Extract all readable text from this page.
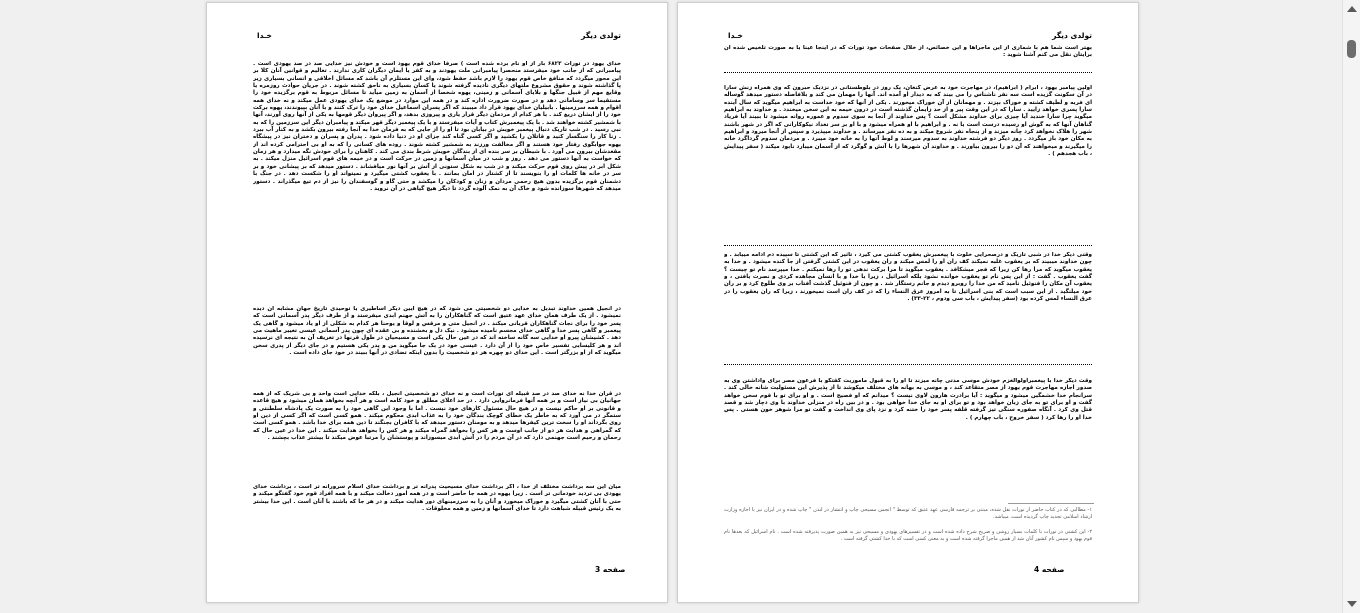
تولدی دیگر
خـدا

خدای یهود در تورات ۶۸۲۳ بار از او نام برده شده است ) صرفا خدای قوم یهود است و خودش نیز خدایی صد در صد یهودی است . پیامبرانی که از جانب خود میفرستد منحصرا پیامبرانی ملت یهودند و به کفر یا ایمان دیگران کاری ندارند . تعالیم و قوانین آنان کلا بر این محور میگردد که منافع خاص قوم یهود را لازم باشد حفظ شود، وای این مستلزم آن باشد که مسائل اخلاقی و انسانی بسیاری زیر پا گذاشته شوند و حقوق مشروع ملتهای دیگری نادیده گرفته شوند یا کسان بسیاری به ناحق کشته شوند . در جریان حوادث روزمره یا وقایع مهم از قبیل جنگها و بلایای آسمانی و زمینی، یهوه شخصا از آسمان به زمین میآید تا مسائل مربوط به قوم برگزیده خود را مستقیما سر وسامانی دهد و در صورت ضرورت اداره کند و در همه این موارد در موضع یک خدای یهودی عمل میکند و نه خدای همه اقوام و همه سرزمینها . بابیلیان خدای یهود قرار داد میبیند که اگر پسران اسماعیل خدای خود را ترک کنند و با آنان بپیوندند، یهوه برکت خود را از ایشان دریغ کند . با هر کدام از مردمان دیگر قرار یاری و پیروزی بدهد، و اگر پیروان دیگر قومها به یکی از آنها روی آورند، آنها با شمشیر کشته خواهند شد . با یک پیغمبرش کتاب و آیات میفرستد و با یک پیغمبر دیگر قهر میکند و پیامبران دیگر این سرزمین را که به نبی رسید . در شب تاریک دنبال پیغمبر خویش در بیابان بود تا او را از جایی که به فرمان خدا به آنجا رفته بیرون بکشد و به کنار آب ببرد . زنا کار را سنگسار کنید و قاتلان را بکشید و اگر کسی گناه کند جزای او در دنیا داده شود . پدران و پسران و دختران نیز در پیشگاه یهوه جوابگوی رفتار خود هستند و اگر مخالفت ورزند به شمشیر کشته شوند . روده های کسانی را که به او بی احترامی کرده اند از مقعدشان بیرون می آورد . با شیطان بر سر بنده ای از بندگان خویش شرط بندی می کند . کاهنان را برای خودش نگه میدارد و هر زمان که خواست به آنها دستور می دهد . روز و شب در میان آسمانها و زمین در حرکت است و در خیمه های قوم اسرائیل منزل میکند . به شکل ابر در پیش روی قوم حرکت میکند و در شب به شکل ستونی از آتش بر آنها نور میافشاند . دستور میدهد که بر پیشانی خود و بر سر در خانه ها کلمات او را بنویسند تا از کشتار در امان بمانند . با یعقوب کشتی میگیرد و نمیتواند او را شکست دهد . در جنگ با دشمنان قوم برگزیده بدون هیچ رحمی مردان و زنان و کودکان را میکشد و حتی گاو و گوسفندان را نیز از دم تیغ میگذراند . دستور میدهد که شهرها سوزانده شود و خاک آن به نمک آلوده گردد تا دیگر هیچ گیاهی در آن نروید .

در انجیل همین خداوند تبدیل به خدایی دو شخصیتی می شود که در هیچ آیین دیگر اساطیری یا توحیدی تاریخ جهان مشابه آن دیده نمیشود . از یک طرف همان خدای عهد عتیق است که گناهکاران را به آتش جهنم ابدی میفرستد و از طرف دیگر پدر آسمانی است که پسر خود را برای نجات گناهکاران قربانی میکند . در انجیل متی و مرقس و لوقا و یوحنا هر کدام به شکلی از او یاد میشود و گاهی یک پیغمبر و گاهی پسر خدا و گاهی خدای مجسم نامیده میشود . نیک دل و بخشنده و بی عقده ای چون پدر آسمانی عیسی تغییر ماهیت می دهد . کشیشان پیرو او خدایی سه گانه ساخته اند که در عین حال یکی است و مسیحیان در طول قرنها در تعریف آن به نتیجه ای نرسیده اند و هر کلیسایی تفسیر خاص خود را از آن دارد . عیسی خود در یک جا میگوید من و پدر یکی هستیم و در جای دیگر از پدری سخن میگوید که از او بزرگتر است . این خدای دو چهره هر دو شخصیت را بدون اینکه تضادی در آنها ببیند در خود جای داده است .

در قرآن خدا نه خدای صد در صد قبیله ای تورات است و نه خدای دو شخصیتی انجیل ، بلکه خدایی است واحد و بی شریک که از همه جهانیان بی نیاز است و بر همه آنها فرمانروایی دارد . در حد اعلای مطلق و خود کامه است و هر آنچه بخواهد همان میشود و هیچ قاعده و قانونی بر او حاکم نیست و در هیچ حال مسئول کارهای خود نیست . اما با وجود این گاهی خود را به صورت یک پادشاه سلطنتی و ستمگر در می آورد که به خاطر یک خطای کوچک بندگان خود را به عذاب ابدی محکوم میکند . همو کسی است که اگر کسی از دین او روی بگرداند او را سخت ترین کیفرها میدهد و به مومنان دستور میدهد که با کافران بجنگند تا دین همه برای خدا باشد . همو کسی است که گمراهی و هدایت هر دو از جانب اوست و هر کس را بخواهد گمراه میکند و هر کس را بخواهد هدایت میکند . این خدا در عین حال که رحمان و رحیم است جهنمی دارد که در آن مردم را در آتش ابدی میسوزاند و پوستشان را مرتبا عوض میکند تا بیشتر عذاب بچشند .

میان این سه برداشت مختلف از خدا ، اگر برداشت خدای مسیحیت پدرانه تر و برداشت خدای اسلام سرورانه تر است ، برداشت خدای یهودی بی تردید خودمانی تر است . زیرا یهوه در همه جا حاضر است و در همه امور دخالت میکند و با همه افراد قوم خود گفتگو میکند و حتی با آنان کشتی میگیرد و خوراک میخورد و آنان را به سرزمینهای دور هدایت میکند و در هر جا که باشند با آنان است . این خدا بیشتر به یک رئیس قبیله شباهت دارد تا خدای آسمانها و زمین و همه مخلوقات .

صفحه 3
تولدی دیگر
خـدا

بهتر است شما هم با شماری از این ماجراها و این خصائص، از خلال صفحات خود تورات که در اینجا عینا یا به صورت تلخیص شده آن برایتان نقل می کنم آشنا شوید :

اولین پیامبر یهود ، ابرام ( ابراهیم)، در مهاجرت خود به عرض کنعان، یک روز در بلوطستانی در نزدیک حبرون که وی همراه زنش سارا در آن سکونت گزیده است سه نفر ناشناس را می بیند که به دیدار او آمده اند. آنها را مهمان می کند و بلافاصله دستور میدهد گوساله ای فربه و لطیف کشته و خوراک بپزند . و مهمانان از آن خوراک میخورند . یکی از آنها که خود خداست به ابراهیم میگوید که سال آینده سارا پسری خواهد زایید . سارا که در این وقت پیر و از حد زایمان گذشته است در درون خیمه به این سخن میخندد . و خداوند به ابراهیم میگوید چرا سارا خندید آیا چیزی برای خداوند مشکل است ؟ پس خداوند از آنجا به سوی سدوم و عموره روانه میشود تا ببیند آیا فریاد گناهان آنها که به گوش او رسیده درست است یا نه . و ابراهیم با او همراه میشود و با او بر سر تعداد نیکوکارانی که اگر در شهر باشند شهر را هلاک نخواهد کرد چانه میزند و از پنجاه نفر شروع میکند و به ده نفر میرساند . و خداوند میپذیرد و سپس از آنجا میرود و ابراهیم به مکان خود باز میگردد . روز دیگر دو فرشته خداوند به سدوم میرسند و لوط آنها را به خانه خود میبرد . و مردمان سدوم گرداگرد خانه را میگیرند و میخواهند که آن دو را بیرون بیاورند . و خداوند آن شهرها را با آتش و گوگرد که از آسمان میبارد نابود میکند ( سفر پیدایش ، باب هجدهم ) .

وقتی دیگر خدا در شبی تاریک و درصحرایی خلوت با پیغمبرش یعقوب کشتی می گیرد ، تاثیر که این کشتی تا سپیده دم ادامه مییابد . و چون خداوند میبیند که بر یعقوب غلبه نمیکند کف ران او را لمس میکند و ران یعقوب در این کشتی گرفتن از جا کنده میشود . و خدا به یعقوب میگوید که مرا رها کن زیرا که فجر میشکافد . یعقوب میگوید تا مرا برکت ندهی تو را رها نمیکنم . خدا میپرسد نام تو چیست ؟ گفت یعقوب . گفت : از این پس نام تو یعقوب خوانده نشود بلکه اسرائیل ، زیرا با خدا و با انسان مجاهده کردی و نصرت یافتی ، و یعقوب آن مکان را فنوئیل نامید که من خدا را روبرو دیدم و جانم رستگار شد . و چون از فنوئیل گذشت آفتاب بر وی طلوع کرد و بر ران خود میلنگید . از این سبب است که بنی اسرائیل تا به امروز عرق النساء را که در کف ران است نمیخورند ، زیرا که ران یعقوب را در عرق النساء لمس کرده بود (سفر پیدایش ، باب سی ودوم ، ۲۲-۳۳) .

وقت دیگر خدا با پیغمبراولوالعزم خودش موسی مدتی چانه میزند تا او را به قبول ماموریت گفتگو با فرعون مصر برای واداشتن وی به صدور اجازه مهاجرت قوم یهود از مصر متقاعد کند ، و موسی به بهانه های مختلف میکوشد تا از پذیرش این مسئولیت شانه خالی کند . سرانجام خدا خشمگین میشود و میگوید : آیا برادرت هارون لاوی نیست ؟ میدانم که او فصیح است . و او برای تو با قوم سخن خواهد گفت و او برای تو به جای زبان خواهد بود و تو برای او به جای خدا خواهی بود . و در بین راه در منزلی خداوند با وی دچار شد و قصد قتل وی کرد . آنگاه صفوره سنگی تیز گرفته قلفه پسر خود را ختنه کرد و نزد پای وی انداخت و گفت تو مرا شوهر خون هستی . پس خدا او را رها کرد ( سفر خروج ، باب چهارم ) .

۱- مطالبی که در کتاب حاضر از تورات نقل شده، مبتنی بر ترجمه فارسی عهد عتیق که توسط " انجمن مسیحی چاپ و انتشار در لندن " چاپ شده و در ایران نیز با اجازه وزارت ارشاد اسلامی تجدید چاپ گردیده است، میباشد.
۲- این کشتی در تورات با کلمات بسیار روشن و صریح شرح داده شده است و در تفسیرهای یهودی و مسیحی نیز به همین صورت پذیرفته شده است . نام اسرائیل که بعدها نام قوم یهود و سپس نام کشور آنان شد از همین ماجرا گرفته شده است و به معنی کسی است که با خدا کشتی گرفته است .
صفحه 4
